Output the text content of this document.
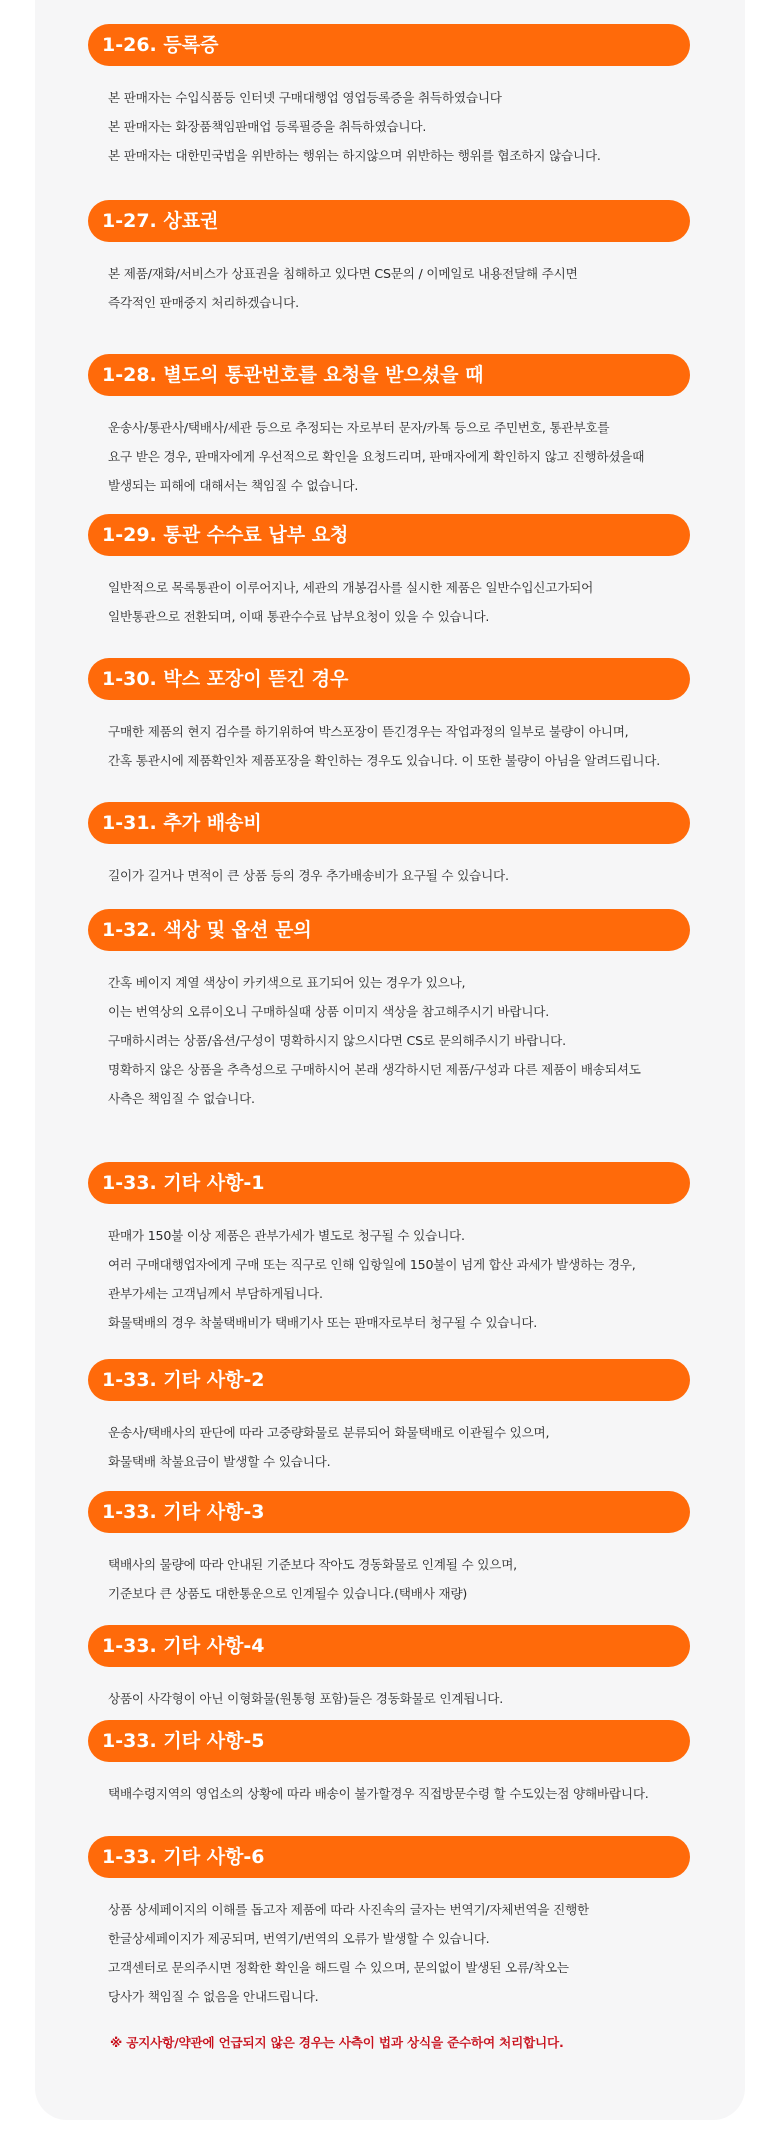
1-26. 등록증
본 판매자는 수입식품등 인터넷 구매대행업 영업등록증을 취득하였습니다
본 판매자는 화장품책임판매업 등록필증을 취득하였습니다.
본 판매자는 대한민국법을 위반하는 행위는 하지않으며 위반하는 행위를 협조하지 않습니다.
1-27. 상표권
본 제품/재화/서비스가 상표권을 침해하고 있다면 CS문의 / 이메일로 내용전달해 주시면
즉각적인 판매중지 처리하겠습니다.
1-28. 별도의 통관번호를 요청을 받으셨을 때
운송사/통관사/택배사/세관 등으로 추정되는 자로부터 문자/카톡 등으로 주민번호, 통관부호를
요구 받은 경우, 판매자에게 우선적으로 확인을 요청드리며, 판매자에게 확인하지 않고 진행하셨을때
발생되는 피해에 대해서는 책임질 수 없습니다.
1-29. 통관 수수료 납부 요청
일반적으로 목록통관이 이루어지나, 세관의 개봉검사를 실시한 제품은 일반수입신고가되어
일반통관으로 전환되며, 이때 통관수수료 납부요청이 있을 수 있습니다.
1-30. 박스 포장이 뜯긴 경우
구매한 제품의 현지 검수를 하기위하여 박스포장이 뜯긴경우는 작업과정의 일부로 불량이 아니며,
간혹 통관시에 제품확인차 제품포장을 확인하는 경우도 있습니다. 이 또한 불량이 아님을 알려드립니다.
1-31. 추가 배송비
길이가 길거나 면적이 큰 상품 등의 경우 추가배송비가 요구될 수 있습니다.
1-32. 색상 및 옵션 문의
간혹 베이지 계열 색상이 카키색으로 표기되어 있는 경우가 있으나,
이는 번역상의 오류이오니 구매하실때 상품 이미지 색상을 참고해주시기 바랍니다.
구매하시려는 상품/옵션/구성이 명확하시지 않으시다면 CS로 문의해주시기 바랍니다.
명확하지 않은 상품을 추측성으로 구매하시어 본래 생각하시던 제품/구성과 다른 제품이 배송되셔도
사측은 책임질 수 없습니다.
1-33. 기타 사항-1
판매가 150불 이상 제품은 관부가세가 별도로 청구될 수 있습니다.
여러 구매대행업자에게 구매 또는 직구로 인해 입항일에 150불이 넘게 합산 과세가 발생하는 경우,
관부가세는 고객님께서 부담하게됩니다.
화물택배의 경우 착불택배비가 택배기사 또는 판매자로부터 청구될 수 있습니다.
1-33. 기타 사항-2
운송사/택배사의 판단에 따라 고중량화물로 분류되어 화물택배로 이관될수 있으며,
화물택배 착불요금이 발생할 수 있습니다.
1-33. 기타 사항-3
택배사의 물량에 따라 안내된 기준보다 작아도 경동화물로 인계될 수 있으며,
기준보다 큰 상품도 대한통운으로 인계될수 있습니다.(택배사 재량)
1-33. 기타 사항-4
상품이 사각형이 아닌 이형화물(원통형 포함)들은 경동화물로 인계됩니다.
1-33. 기타 사항-5
택배수령지역의 영업소의 상황에 따라 배송이 불가할경우 직접방문수령 할 수도있는점 양해바랍니다.
1-33. 기타 사항-6
상품 상세페이지의 이해를 돕고자 제품에 따라 사진속의 글자는 번역기/자체번역을 진행한
한글상세페이지가 제공되며, 번역기/번역의 오류가 발생할 수 있습니다.
고객센터로 문의주시면 정확한 확인을 해드릴 수 있으며, 문의없이 발생된 오류/착오는
당사가 책임질 수 없음을 안내드립니다.
※ 공지사항/약관에 언급되지 않은 경우는 사측이 법과 상식을 준수하여 처리합니다.
